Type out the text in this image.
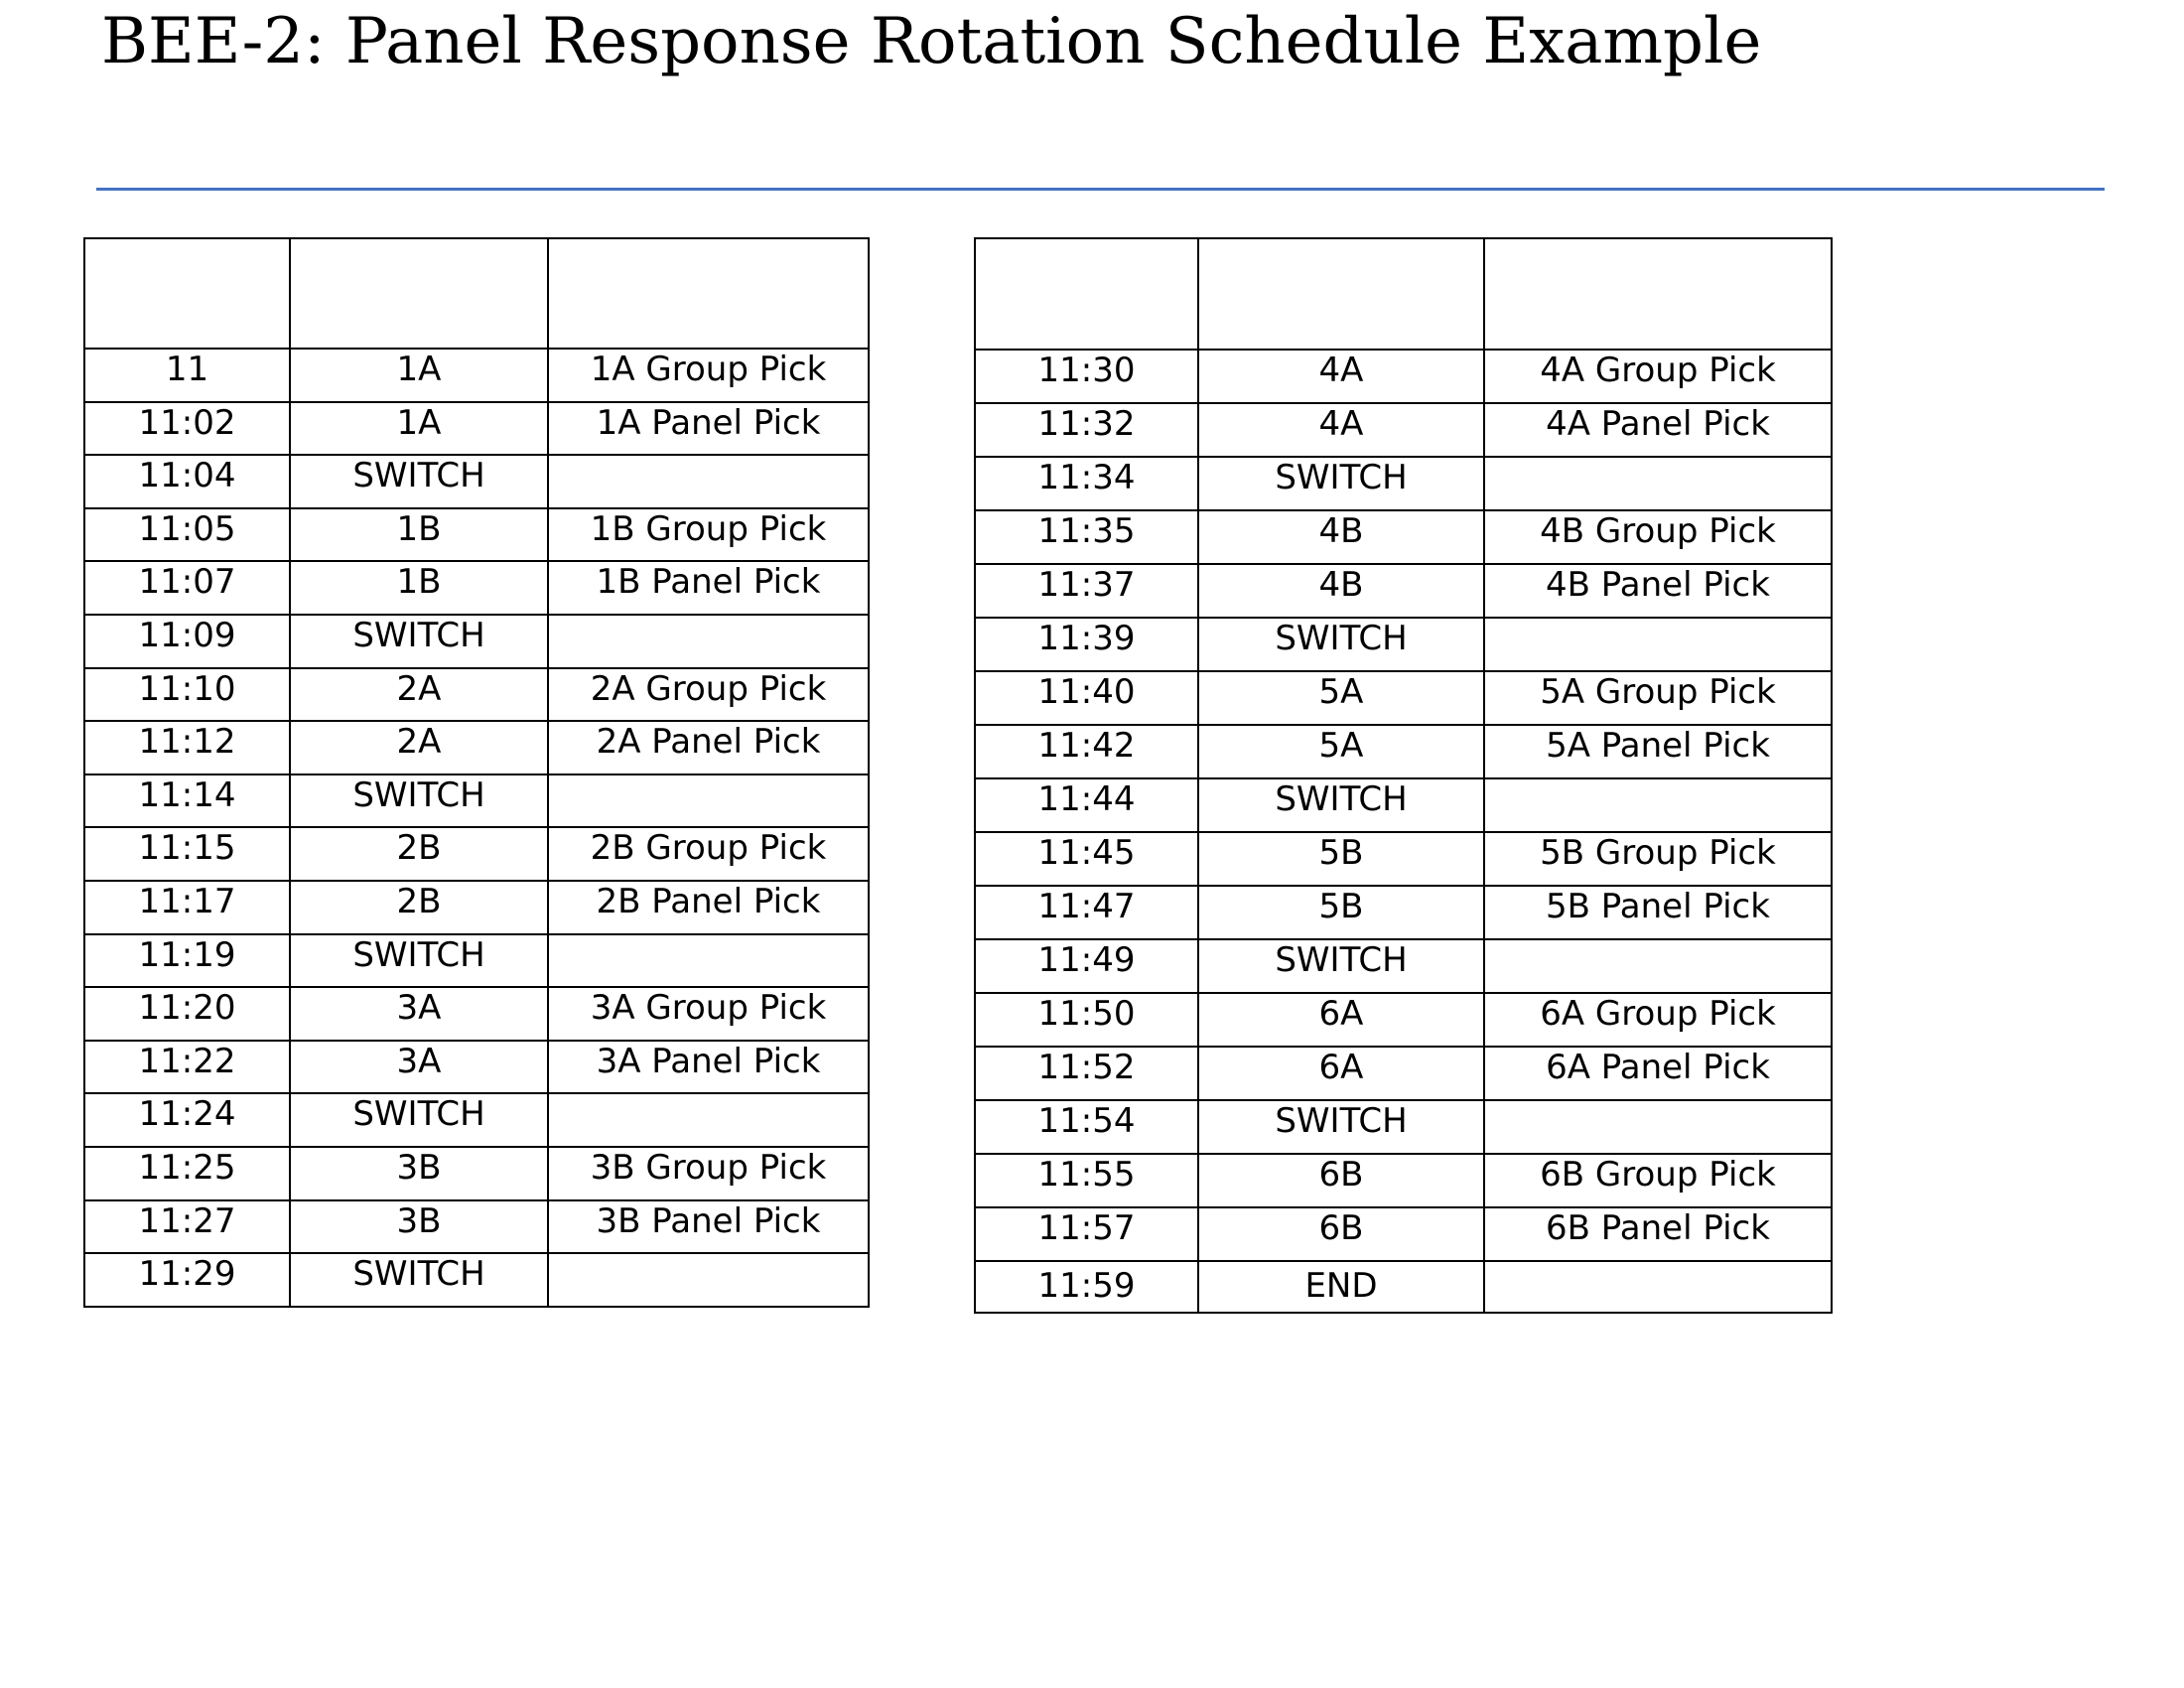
BEE-2: Panel Response Rotation Schedule Example

11	1A	1A Group Pick
11:02	1A	1A Panel Pick
11:04	SWITCH	
11:05	1B	1B Group Pick
11:07	1B	1B Panel Pick
11:09	SWITCH	
11:10	2A	2A Group Pick
11:12	2A	2A Panel Pick
11:14	SWITCH	
11:15	2B	2B Group Pick
11:17	2B	2B Panel Pick
11:19	SWITCH	
11:20	3A	3A Group Pick
11:22	3A	3A Panel Pick
11:24	SWITCH	
11:25	3B	3B Group Pick
11:27	3B	3B Panel Pick
11:29	SWITCH	

11:30	4A	4A Group Pick
11:32	4A	4A Panel Pick
11:34	SWITCH	
11:35	4B	4B Group Pick
11:37	4B	4B Panel Pick
11:39	SWITCH	
11:40	5A	5A Group Pick
11:42	5A	5A Panel Pick
11:44	SWITCH	
11:45	5B	5B Group Pick
11:47	5B	5B Panel Pick
11:49	SWITCH	
11:50	6A	6A Group Pick
11:52	6A	6A Panel Pick
11:54	SWITCH	
11:55	6B	6B Group Pick
11:57	6B	6B Panel Pick
11:59	END	
